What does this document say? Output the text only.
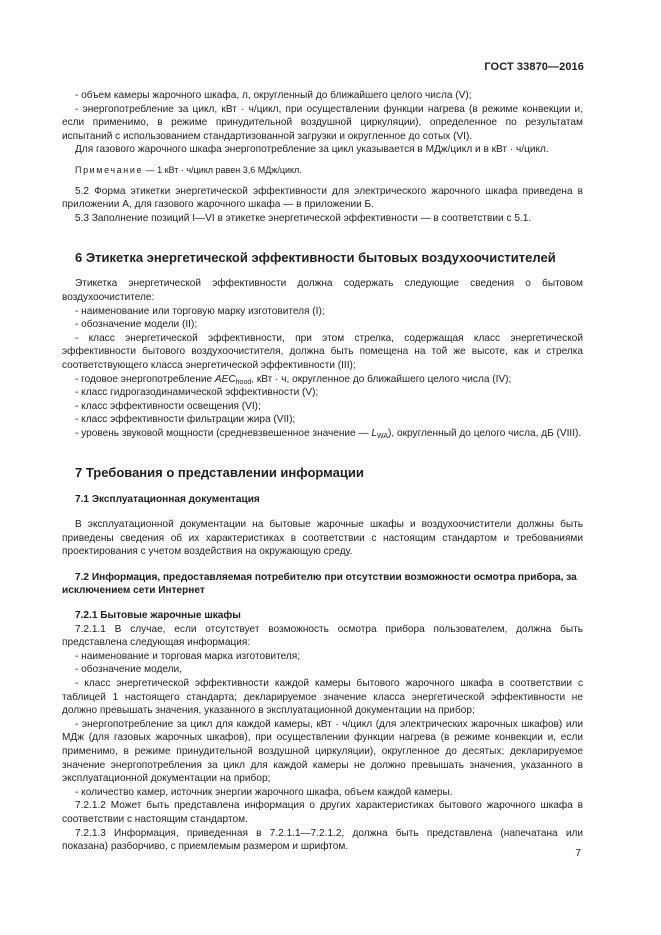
ГОСТ 33870—2016

- объем камеры жарочного шкафа, л, округленный до ближайшего целого числа (V);

- энергопотребление за цикл, кВт · ч/цикл, при осуществлении функции нагрева (в режиме конвекции и, если применимо, в режиме принудительной воздушной циркуляции), определенное по результатам испытаний с использованием стандартизованной загрузки и округленное до сотых (VI).

Для газового жарочного шкафа энергопотребление за цикл указывается в МДж/цикл и в кВт · ч/цикл.

Примечание — 1 кВт · ч/цикл равен 3,6 МДж/цикл.

5.2 Форма этикетки энергетической эффективности для электрического жарочного шкафа приведена в приложении А, для газового жарочного шкафа — в приложении Б.

5.3 Заполнение позиций I—VI в этикетке энергетической эффективности — в соответствии с 5.1.

6 Этикетка энергетической эффективности бытовых воздухоочистителей

Этикетка энергетической эффективности должна содержать следующие сведения о бытовом воздухоочистителе:

- наименование или торговую марку изготовителя (I);

- обозначение модели (II);

- класс энергетической эффективности, при этом стрелка, содержащая класс энергетической эффективности бытового воздухоочистителя, должна быть помещена на той же высоте, как и стрелка соответствующего класса энергетической эффективности (III);

- годовое энергопотребление $AEC_{hood}$, кВт · ч, округленное до ближайшего целого числа (IV);

- класс гидрогазодинамической эффективности (V);

- класс эффективности освещения (VI);

- класс эффективности фильтрации жира (VII);

- уровень звуковой мощности (средневзвешенное значение — $L_{WA}$), округленный до целого числа, дБ (VIII).

7 Требования о представлении информации
7.1 Эксплуатационная документация

В эксплуатационной документации на бытовые жарочные шкафы и воздухоочистители должны быть приведены сведения об их характеристиках в соответствии с настоящим стандартом и требованиями проектирования с учетом воздействия на окружающую среду.

7.2 Информация, предоставляемая потребителю при отсутствии возможности осмотра прибора, за исключением сети Интернет
7.2.1 Бытовые жарочные шкафы

7.2.1.1 В случае, если отсутствует возможность осмотра прибора пользователем, должна быть представлена следующая информация:

- наименование и торговая марка изготовителя;

- обозначение модели,

- класс энергетической эффективности каждой камеры бытового жарочного шкафа в соответствии с таблицей 1 настоящего стандарта; декларируемое значение класса энергетической эффективности не должно превышать значения, указанного в эксплуатационной документации на прибор;

- энергопотребление за цикл для каждой камеры, кВт · ч/цикл (для электрических жарочных шкафов) или МДж (для газовых жарочных шкафов), при осуществлении функции нагрева (в режиме конвекции и, если применимо, в режиме принудительной воздушной циркуляции), округленное до десятых; декларируемое значение энергопотребления за цикл для каждой камеры не должно превышать значения, указанного в эксплуатационной документации на прибор;

- количество камер, источник энергии жарочного шкафа, объем каждой камеры.

7.2.1.2 Может быть представлена информация о других характеристиках бытового жарочного шкафа в соответствии с настоящим стандартом.

7.2.1.3 Информация, приведенная в 7.2.1.1—7.2.1.2, должна быть представлена (напечатана или показана) разборчиво, с приемлемым размером и шрифтом.

7
